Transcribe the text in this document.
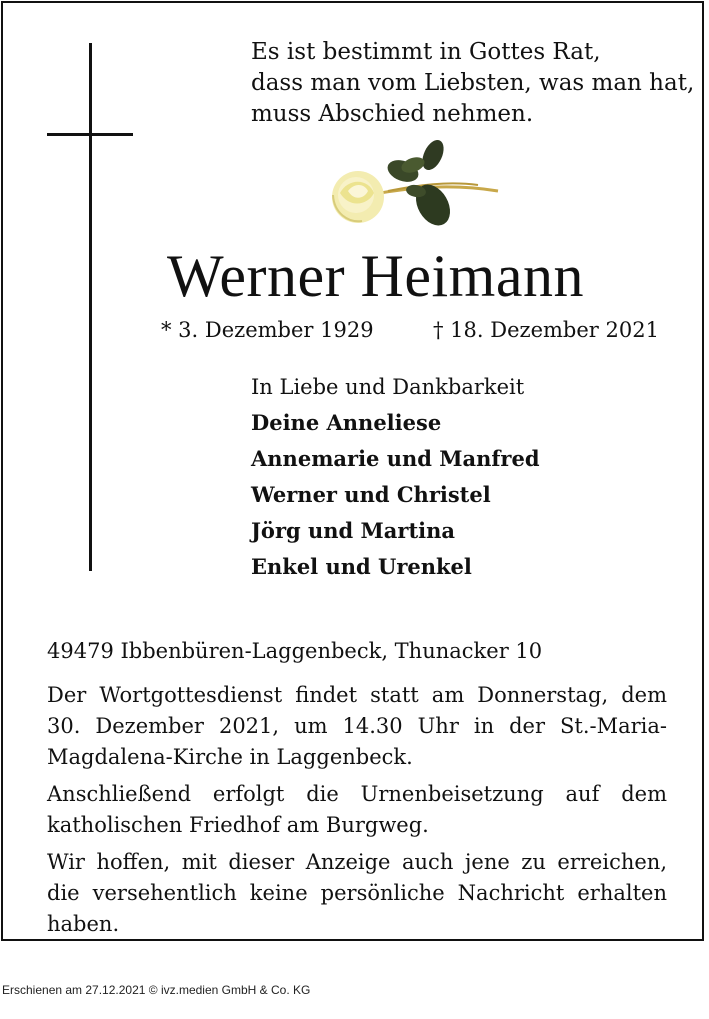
Es ist bestimmt in Gottes Rat,
dass man vom Liebsten, was man hat,
muss Abschied nehmen.
Werner Heimann
* 3. Dezember 1929	† 18. Dezember 2021
In Liebe und Dankbarkeit
Deine Anneliese
Annemarie und Manfred
Werner und Christel
Jörg und Martina
Enkel und Urenkel
49479 Ibbenbüren-Laggenbeck, Thunacker 10

Der Wortgottesdienst findet statt am Donnerstag, dem 30. Dezember 2021, um 14.30 Uhr in der St.-Maria-Magdalena-Kirche in Laggenbeck.

Anschließend erfolgt die Urnenbeisetzung auf dem katholischen Friedhof am Burgweg.

Wir hoffen, mit dieser Anzeige auch jene zu erreichen, die versehentlich keine persönliche Nachricht erhalten haben.

Erschienen am 27.12.2021 © ivz.medien GmbH & Co. KG
